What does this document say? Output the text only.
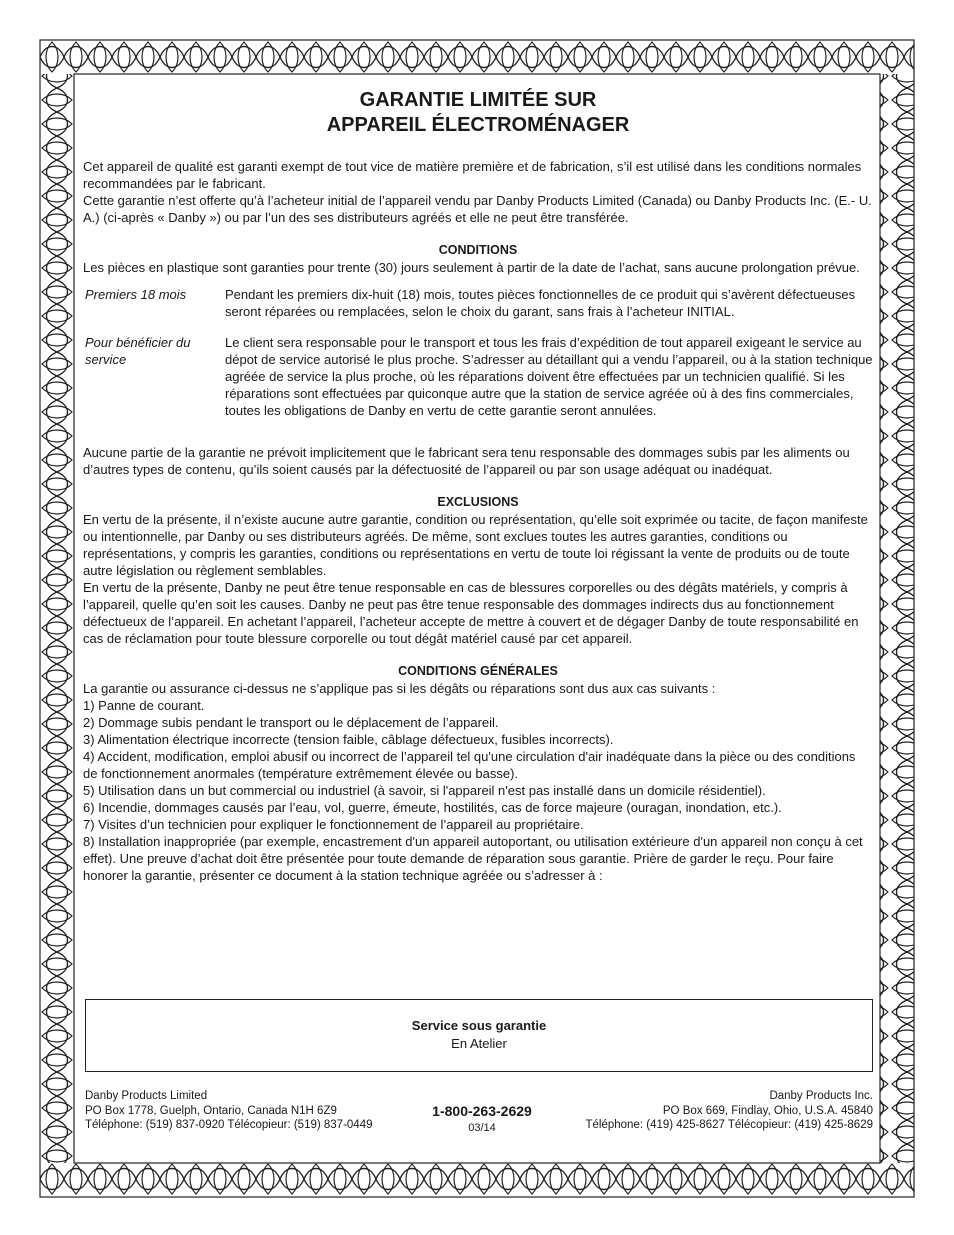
GARANTIE LIMITÉE SUR
APPAREIL ÉLECTROMÉNAGER

Cet appareil de qualité est garanti exempt de tout vice de matière première et de fabrication, s’il est utilisé dans les conditions normales recommandées par le fabricant.

Cette garantie n’est offerte qu’à l’acheteur initial de l’appareil vendu par Danby Products Limited (Canada) ou Danby Products Inc. (E.- U. A.) (ci-après « Danby ») ou par l’un des ses distributeurs agréés et elle ne peut être transférée.

CONDITIONS

Les pièces en plastique sont garanties pour trente (30) jours seulement à partir de la date de l’achat, sans aucune prolongation prévue.

Premiers 18 mois	Pendant les premiers dix-huit (18) mois, toutes pièces fonctionnelles de ce produit qui s’avèrent défectueuses seront réparées ou remplacées, selon le choix du garant, sans frais à l’acheteur INITIAL.
Pour bénéficier du service
Le client sera responsable pour le transport et tous les frais d’expédition de tout appareil exigeant le service au dépot de service autorisé le plus proche. S’adresser au détaillant qui a vendu l’appareil, ou à la station technique agréée de service la plus proche, où les réparations doivent être effectuées par un technicien qualifié. Si les réparations sont effectuées par quiconque autre que la station de service agréée où à des fins commerciales, toutes les obligations de Danby en vertu de cette garantie seront annulées.

Aucune partie de la garantie ne prévoit implicitement que le fabricant sera tenu responsable des dommages subis par les aliments ou d’autres types de contenu, qu’ils soient causés par la défectuosité de l’appareil ou par son usage adéquat ou inadéquat.

EXCLUSIONS

En vertu de la présente, il n’existe aucune autre garantie, condition ou représentation, qu’elle soit exprimée ou tacite, de façon manifeste ou intentionnelle, par Danby ou ses distributeurs agréés. De même, sont exclues toutes les autres garanties, conditions ou représentations, y compris les garanties, conditions ou représentations en vertu de toute loi régissant la vente de produits ou de toute autre législation ou règlement semblables.

En vertu de la présente, Danby ne peut être tenue responsable en cas de blessures corporelles ou des dégâts matériels, y compris à l’appareil, quelle qu’en soit les causes. Danby ne peut pas être tenue responsable des dommages indirects dus au fonctionnement défectueux de l’appareil. En achetant l’appareil, l’acheteur accepte de mettre à couvert et de dégager Danby de toute responsabilité en cas de réclamation pour toute blessure corporelle ou tout dégât matériel causé par cet appareil.

CONDITIONS GÉNÉRALES

La garantie ou assurance ci-dessus ne s’applique pas si les dégâts ou réparations sont dus aux cas suivants :

1) Panne de courant.

2) Dommage subis pendant le transport ou le déplacement de l’appareil.

3) Alimentation électrique incorrecte (tension faible, câblage défectueux, fusibles incorrects).

4) Accident, modification, emploi abusif ou incorrect de l’appareil tel qu'une circulation d'air inadéquate dans la pièce ou des conditions de fonctionnement anormales (température extrêmement élevée ou basse).

5) Utilisation dans un but commercial ou industriel (à savoir, si l'appareil n'est pas installé dans un domicile résidentiel).

6) Incendie, dommages causés par l’eau, vol, guerre, émeute, hostilités, cas de force majeure (ouragan, inondation, etc.).

7) Visites d’un technicien pour expliquer le fonctionnement de l’appareil au propriétaire.

8) Installation inappropriée (par exemple, encastrement d'un appareil autoportant, ou utilisation extérieure d'un appareil non conçu à cet effet). Une preuve d’achat doit être présentée pour toute demande de réparation sous garantie. Prière de garder le reçu. Pour faire honorer la garantie, présenter ce document à la station technique agréée ou s’adresser à :

Service sous garantie
En Atelier
Danby Products Limited
PO Box 1778, Guelph, Ontario, Canada N1H 6Z9
Téléphone: (519) 837-0920 Télécopieur: (519) 837-0449
1-800-263-2629
03/14
Danby Products Inc.
PO Box 669, Findlay, Ohio, U.S.A. 45840
Téléphone: (419) 425-8627 Télécopieur: (419) 425-8629
